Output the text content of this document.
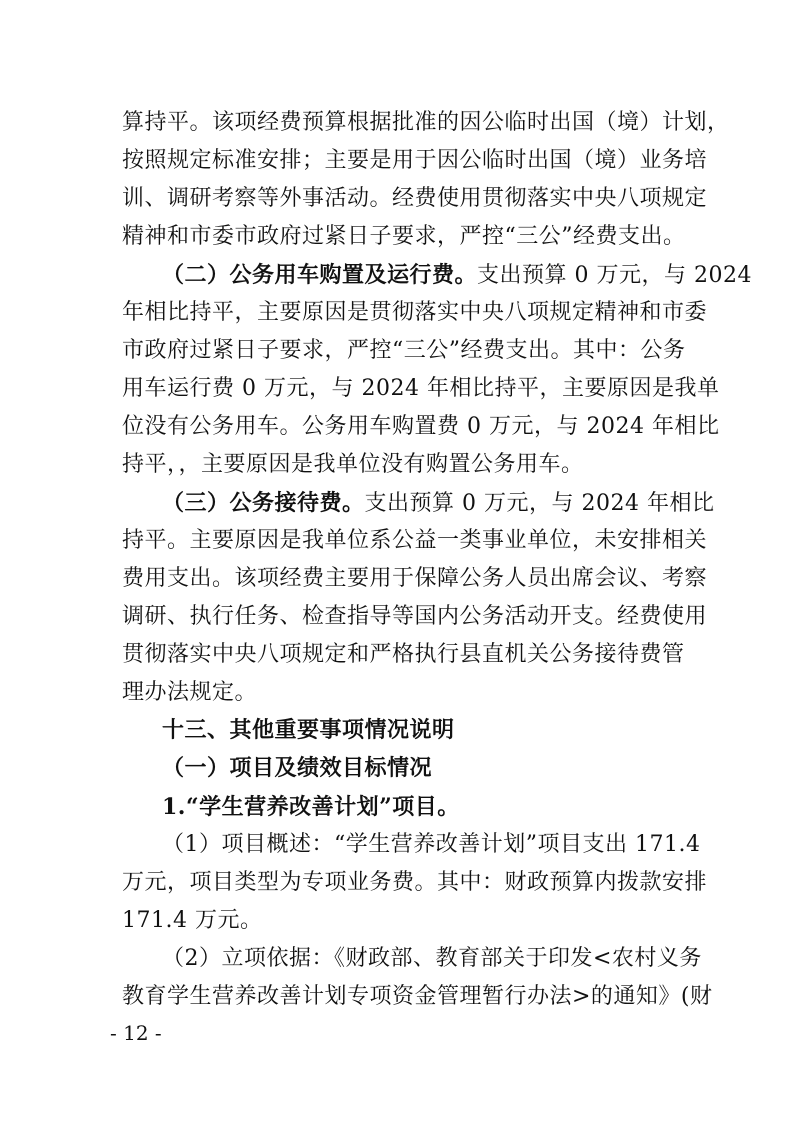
算持平。该项经费预算根据批准的因公临时出国（境）计划，
按照规定标准安排；主要是用于因公临时出国（境）业务培
训、调研考察等外事活动。经费使用贯彻落实中央八项规定
精神和市委市政府过紧日子要求，严控“三公”经费支出。
（二）公务用车购置及运行费。支出预算 0 万元，与 2024
年相比持平，主要原因是贯彻落实中央八项规定精神和市委
市政府过紧日子要求，严控“三公”经费支出。其中：公务
用车运行费 0 万元，与 2024 年相比持平，主要原因是我单
位没有公务用车。公务用车购置费 0 万元，与 2024 年相比
持平，，主要原因是我单位没有购置公务用车。
（三）公务接待费。支出预算 0 万元，与 2024 年相比
持平。主要原因是我单位系公益一类事业单位，未安排相关
费用支出。该项经费主要用于保障公务人员出席会议、考察
调研、执行任务、检查指导等国内公务活动开支。经费使用
贯彻落实中央八项规定和严格执行县直机关公务接待费管
理办法规定。
十三、其他重要事项情况说明
（一）项目及绩效目标情况
1.“学生营养改善计划”项目。
（1）项目概述：“学生营养改善计划”项目支出 171.4
万元，项目类型为专项业务费。其中：财政预算内拨款安排
171.4 万元。
（2）立项依据：《财政部、教育部关于印发<农村义务
教育学生营养改善计划专项资金管理暂行办法>的通知》(财
- 12 -
